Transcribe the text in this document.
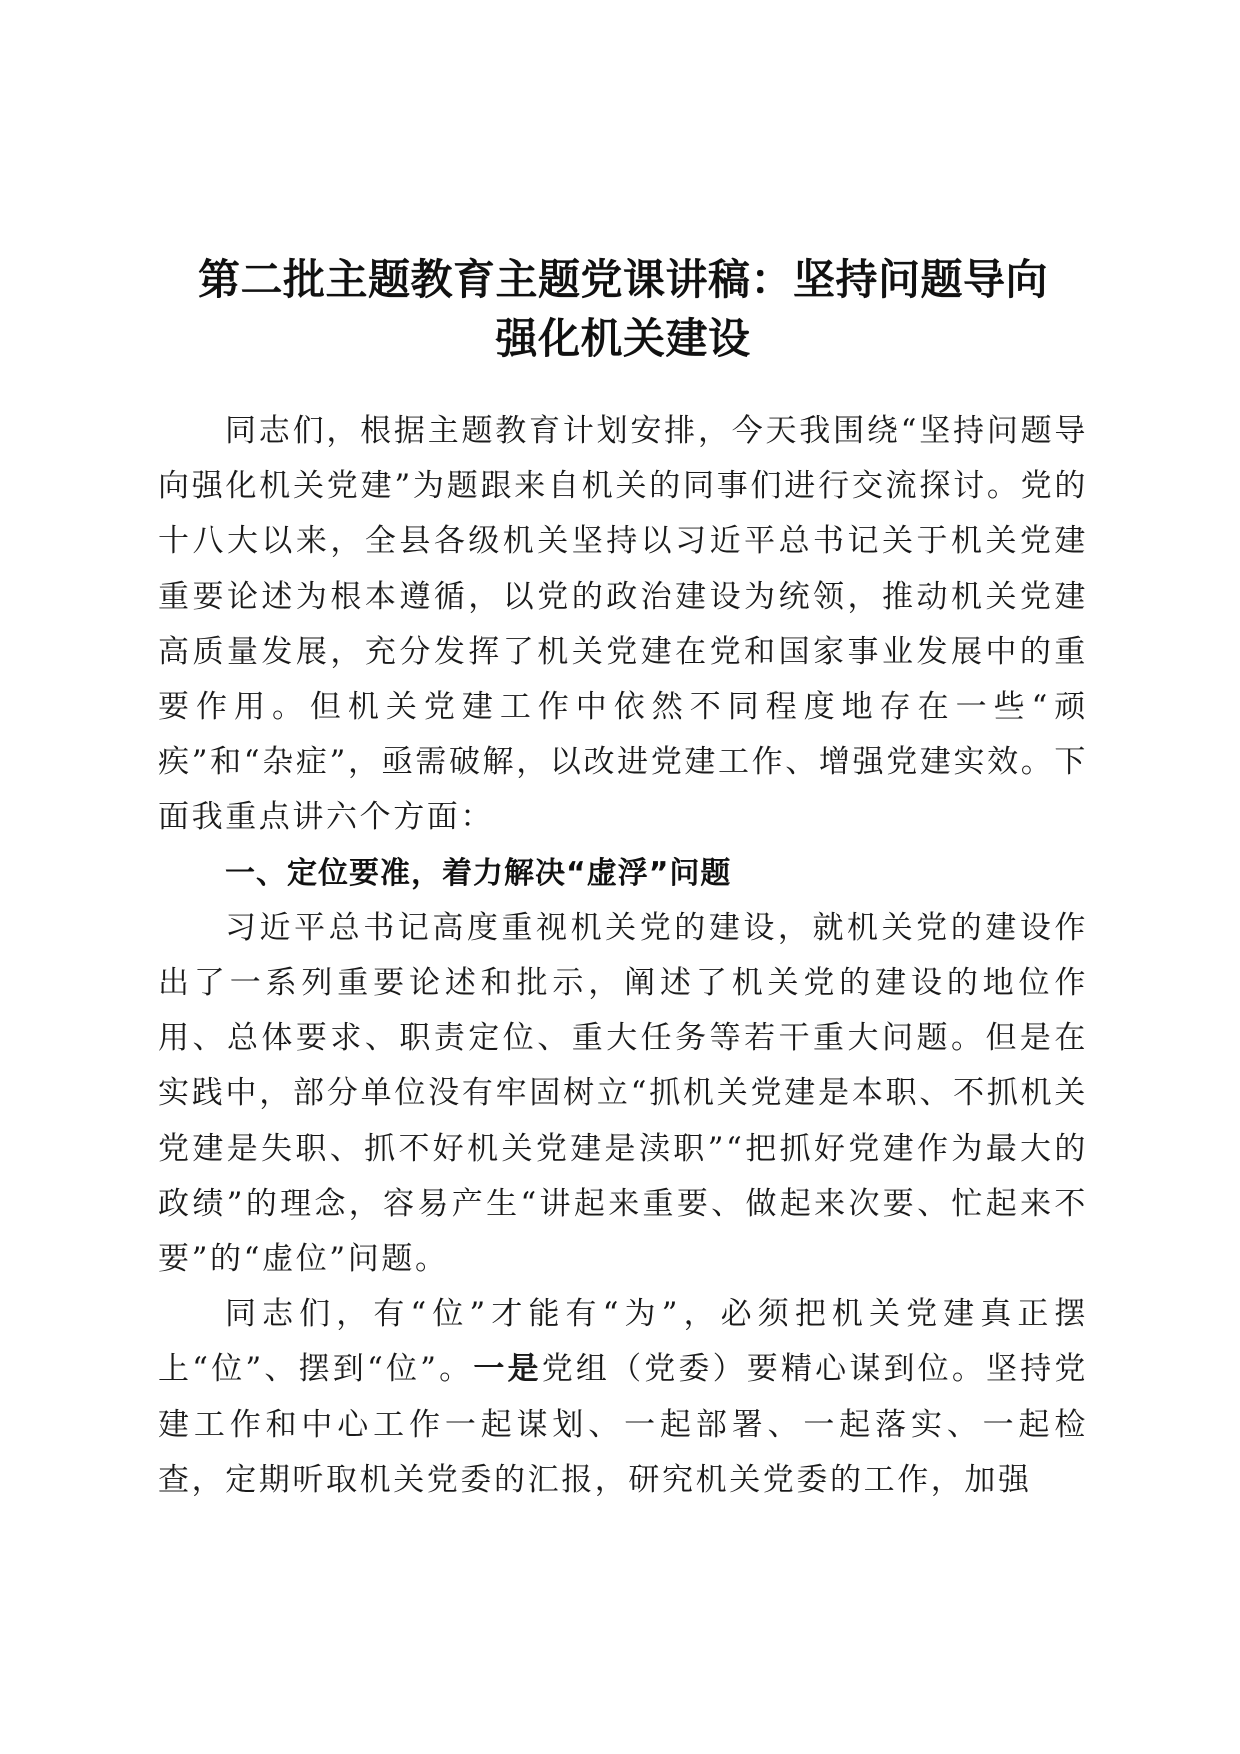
第二批主题教育主题党课讲稿：坚持问题导向
强化机关建设

同志们，根据主题教育计划安排，今天我围绕“坚持问题导向强化机关党建”为题跟来自机关的同事们进行交流探讨。党的十八大以来，全县各级机关坚持以习近平总书记关于机关党建重要论述为根本遵循，以党的政治建设为统领，推动机关党建高质量发展，充分发挥了机关党建在党和国家事业发展中的重要作用。但机关党建工作中依然不同程度地存在一些“顽疾”和“杂症”，亟需破解，以改进党建工作、增强党建实效。下面我重点讲六个方面：

一、定位要准，着力解决“虚浮”问题

习近平总书记高度重视机关党的建设，就机关党的建设作出了一系列重要论述和批示，阐述了机关党的建设的地位作用、总体要求、职责定位、重大任务等若干重大问题。但是在实践中，部分单位没有牢固树立“抓机关党建是本职、不抓机关党建是失职、抓不好机关党建是渎职”“把抓好党建作为最大的政绩”的理念，容易产生“讲起来重要、做起来次要、忙起来不要”的“虚位”问题。

同志们，有“位”才能有“为”，必须把机关党建真正摆上“位”、摆到“位”。一是党组（党委）要精心谋到位。坚持党建工作和中心工作一起谋划、一起部署、一起落实、一起检查，定期听取机关党委的汇报，研究机关党委的工作，加强
